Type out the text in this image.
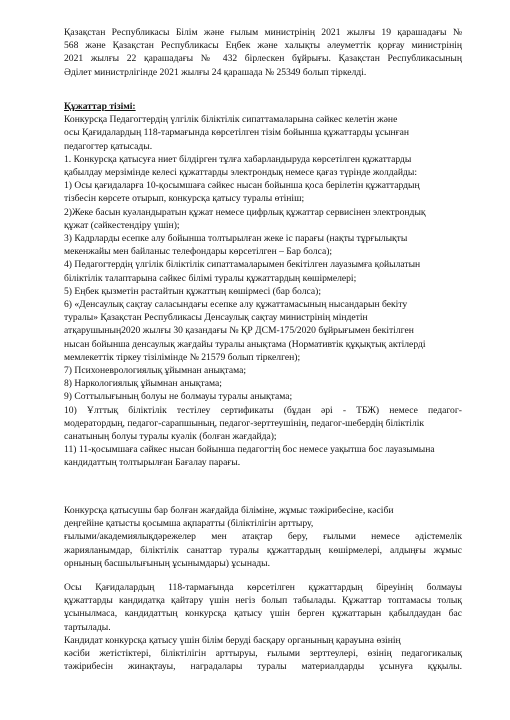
Қазақстан Республикасы Білім және ғылым министрінің 2021 жылғы 19 қарашадағы №
568 және Қазақстан Республикасы Еңбек және халықты әлеуметтік қорғау министрінің
2021 жылғы 22 қарашадағы № 432 бірлескен бұйрығы. Қазақстан Республикасының
Әділет министрлігінде 2021 жылғы 24 қарашада № 25349 болып тіркелді.
Құжаттар тізімі:
Конкурсқа Педагогтердің үлгілік біліктілік сипаттамаларына сәйкес келетін және
осы Қағидалардың 118-тармағында көрсетілген тізім бойынша құжаттарды ұсынған
педагогтер қатысады.
1. Конкурсқа қатысуға ниет білдірген тұлға хабарландыруда көрсетілген құжаттарды
қабылдау мерзімінде келесі құжаттарды электрондық немесе қағаз түрінде жолдайды:
1) Осы қағидаларға 10-қосымшаға сәйкес нысан бойынша қоса берілетін құжаттардың
тізбесін көрсете отырып, конкурсқа қатысу туралы өтініш;
2)Жеке басын куәландыратын құжат немесе цифрлық құжаттар сервисінен электрондық
құжат (сәйкестендіру үшін);
3) Кадрларды есепке алу бойынша толтырылған жеке іс парағы (нақты тұрғылықты
мекенжайы мен байланыс телефондары көрсетілген – Бар болса);
4) Педагогтердің үлгілік біліктілік сипаттамаларымен бекітілген лауазымға қойылатын
біліктілік талаптарына сәйкес білімі туралы құжаттардың көшірмелері;
5) Еңбек қызметін растайтын құжаттың көшірмесі (бар болса);
6) «Денсаулық сақтау саласындағы есепке алу құжаттамасының нысандарын бекіту
туралы» Қазақстан Республикасы Денсаулық сақтау министрінің міндетін
атқарушының2020 жылғы 30 қазандағы № ҚР ДСМ-175/2020 бұйрығымен бекітілген
нысан бойынша денсаулық жағдайы туралы анықтама (Нормативтік құқықтық актілерді
мемлекеттік тіркеу тізілімінде № 21579 болып тіркелген);
7) Психоневрологиялық ұйымнан анықтама;
8) Наркологиялық ұйымнан анықтама;
9) Соттылығының болуы не болмауы туралы анықтама;
10) Ұлттық біліктілік тестілеу сертификаты (бұдан әрі - ТБЖ) немесе педагог-
модератордың, педагог-сарапшының, педагог-зерттеушінің, педагог-шебердің біліктілік
санатының болуы туралы куәлік (болған жағдайда);
11) 11-қосымшаға сәйкес нысан бойынша педагогтің бос немесе уақытша бос лауазымына
кандидаттың толтырылған Бағалау парағы.
Конкурсқа қатысушы бар болған жағдайда біліміне, жұмыс тәжірибесіне, кәсіби
деңгейіне қатысты қосымша ақпаратты (біліктілігін арттыру,
ғылыми/академиялықдәрежелер мен атақтар беру, ғылыми немесе әдістемелік
жарияланымдар, біліктілік санаттар туралы құжаттардың көшірмелері, алдыңғы жұмыс
орнының басшылығының ұсынымдары) ұсынады.
Осы Қағидалардың 118-тармағында көрсетілген құжаттардың біреуінің болмауы
құжаттарды кандидатқа қайтару үшін негіз болып табылады. Құжаттар топтамасы толық
ұсынылмаса, кандидаттың конкурсқа қатысу үшін берген құжаттарын қабылдаудан бас
тартылады.
Кандидат конкурсқа қатысу үшін білім беруді басқару органының қарауына өзінің
кәсіби жетістіктері, біліктілігін арттыруы, ғылыми зерттеулері, өзінің педагогикалық
тәжірибесін жинақтауы, наградалары туралы материалдарды ұсынуға құқылы.
